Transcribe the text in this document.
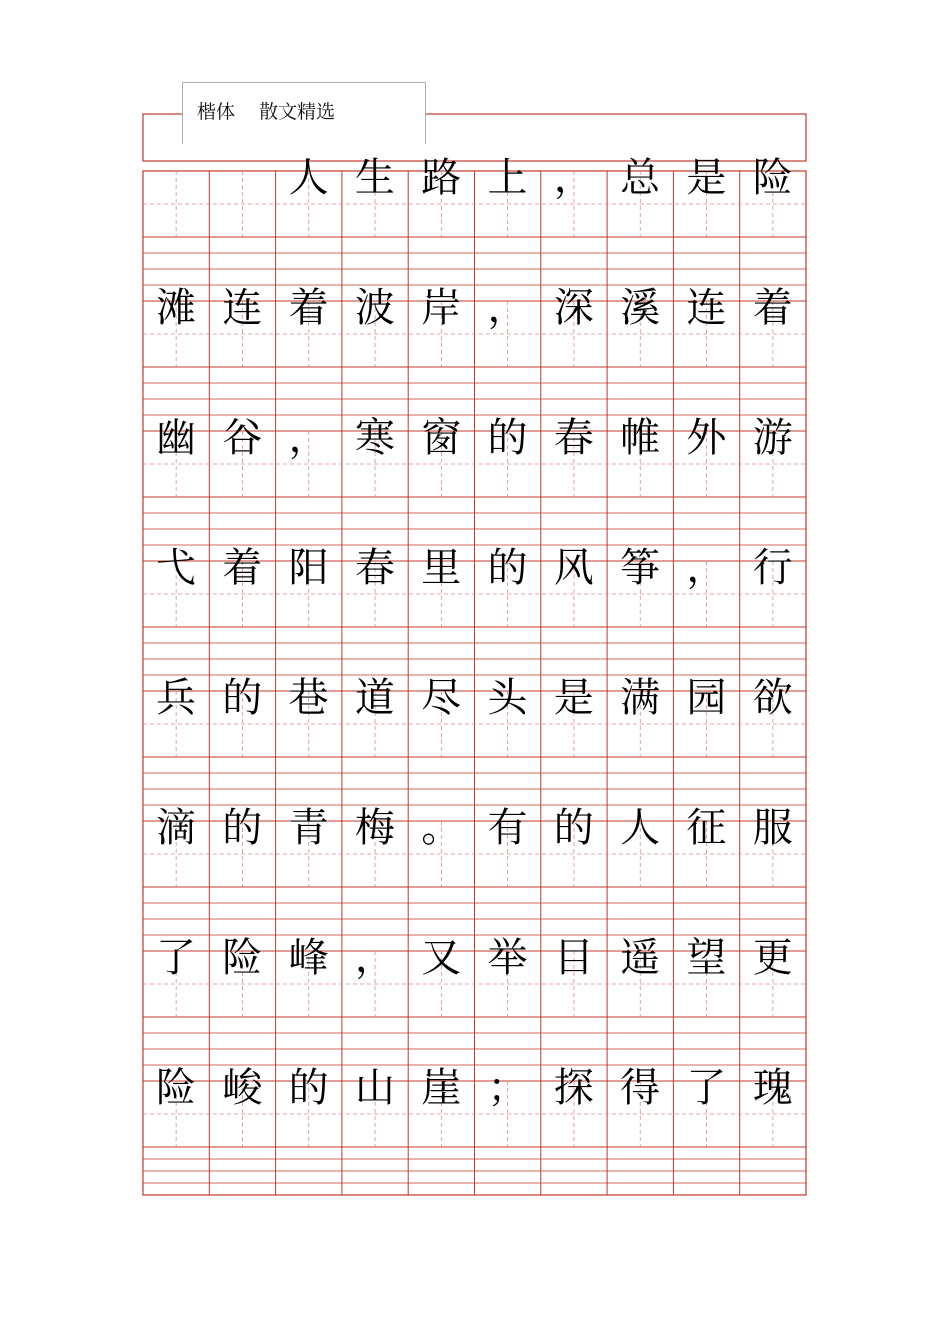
楷体    散文精选
人 生 路 上 ， 总 是 险
滩 连 着 波 岸 ， 深 溪 连 着
幽 谷 ， 寒 窗 的 春 帷 外 游
弋 着 阳 春 里 的 风 筝 ， 行
兵 的 巷 道 尽 头 是 满 园 欲
滴 的 青 梅 。 有 的 人 征 服
了 险 峰 ， 又 举 目 遥 望 更
险 峻 的 山 崖 ； 探 得 了 瑰
